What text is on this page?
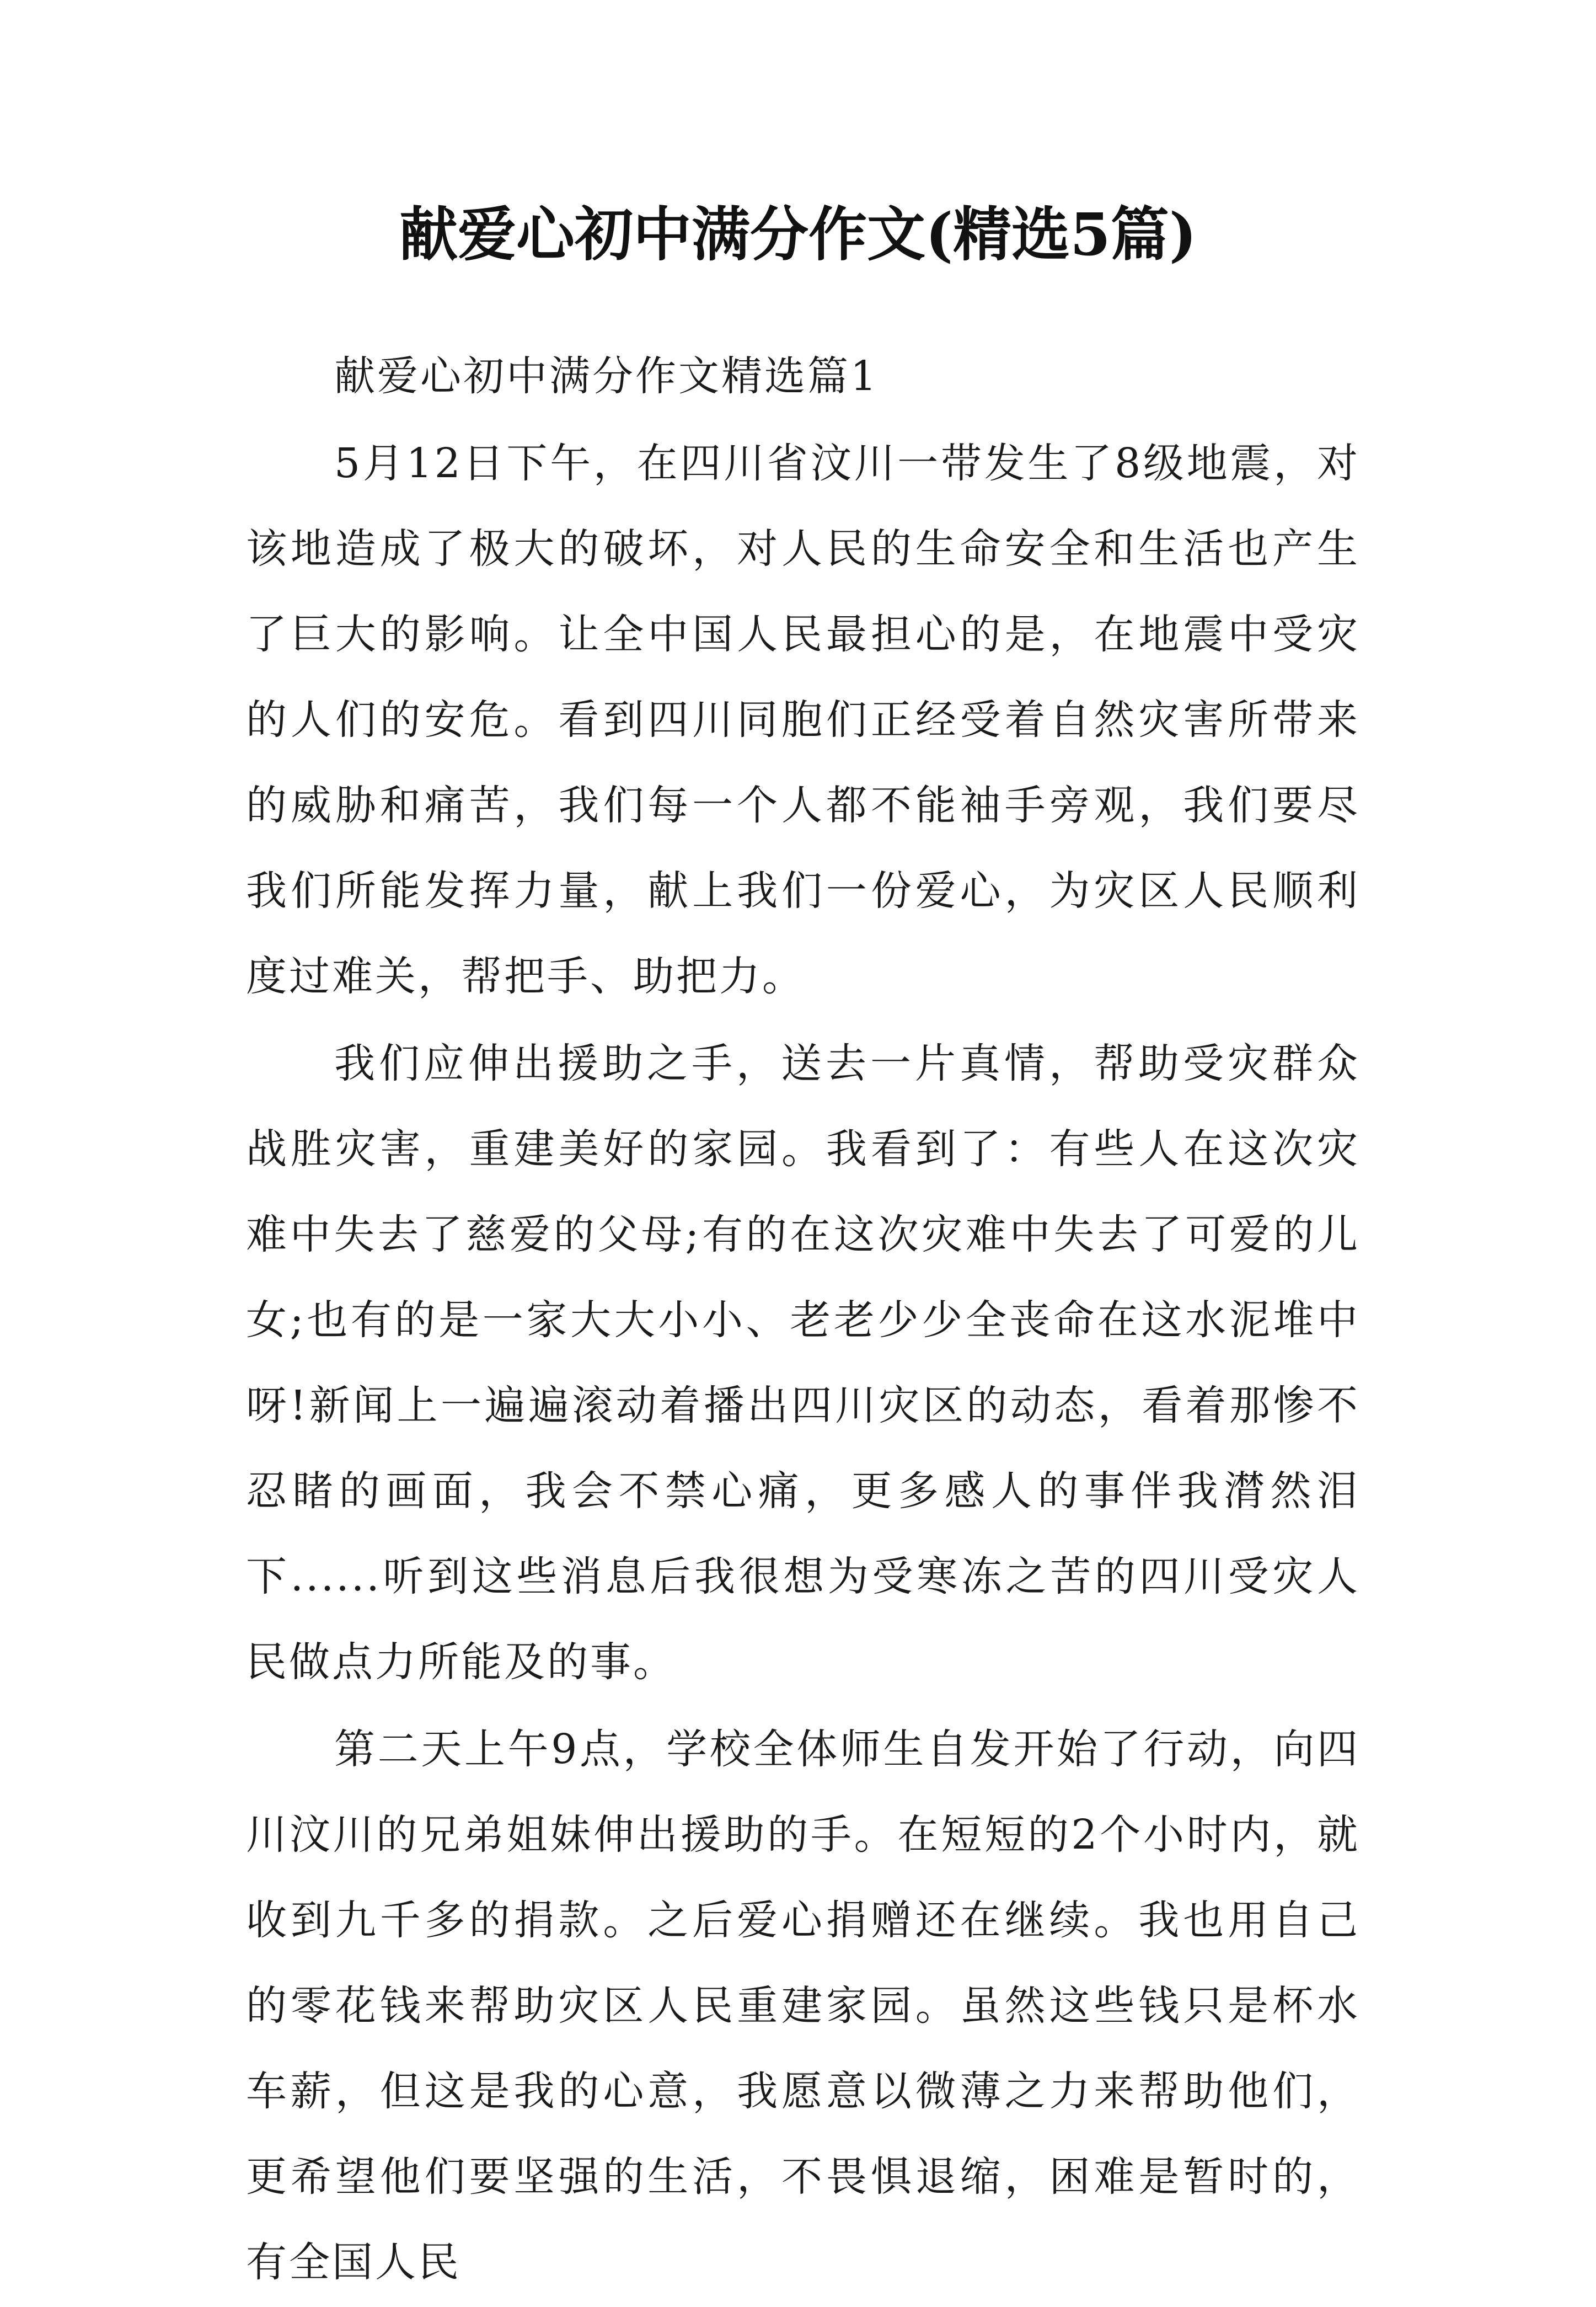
献爱心初中满分作文(精选5篇)

献爱心初中满分作文精选篇1

5月12日下午，在四川省汶川一带发生了8级地震，对该地造成了极大的破坏，对人民的生命安全和生活也产生了巨大的影响。让全中国人民最担心的是，在地震中受灾的人们的安危。看到四川同胞们正经受着自然灾害所带来的威胁和痛苦，我们每一个人都不能袖手旁观，我们要尽我们所能发挥力量，献上我们一份爱心，为灾区人民顺利度过难关，帮把手、助把力。

我们应伸出援助之手，送去一片真情，帮助受灾群众战胜灾害，重建美好的家园。我看到了：有些人在这次灾难中失去了慈爱的父母;有的在这次灾难中失去了可爱的儿女;也有的是一家大大小小、老老少少全丧命在这水泥堆中呀!新闻上一遍遍滚动着播出四川灾区的动态，看着那惨不忍睹的画面，我会不禁心痛，更多感人的事伴我潸然泪下......听到这些消息后我很想为受寒冻之苦的四川受灾人民做点力所能及的事。

第二天上午9点，学校全体师生自发开始了行动，向四川汶川的兄弟姐妹伸出援助的手。在短短的2个小时内，就收到九千多的捐款。之后爱心捐赠还在继续。我也用自己的零花钱来帮助灾区人民重建家园。虽然这些钱只是杯水车薪，但这是我的心意，我愿意以微薄之力来帮助他们，更希望他们要坚强的生活，不畏惧退缩，困难是暂时的，有全国人民
